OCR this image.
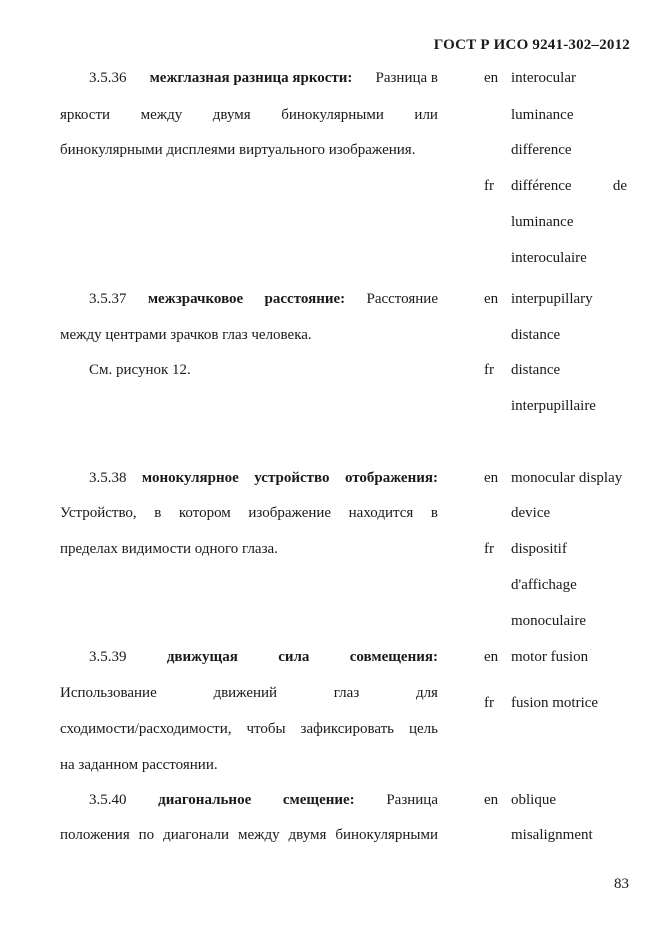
ГОСТ Р ИСО 9241-302–2012
3.5.36 межглазная разница яркости: Разница в
яркости между двумя бинокулярными или
бинокулярными дисплеями виртуального изображения.
en interocular
luminance
difference
fr	différence	de
luminance
interoculaire
3.5.37 межзрачковое расстояние: Расстояние
между центрами зрачков глаз человека.
См. рисунок 12.
en interpupillary
distance
fr	distance
interpupillaire
3.5.38 монокулярное устройство отображения:
Устройство, в котором изображение находится в
пределах видимости одного глаза.
en monocular display
device
fr	dispositif
d'affichage
monoculaire
3.5.39	движущая	сила	совмещения:
Использование	движений	глаз	для
сходимости/расходимости, чтобы зафиксировать цель
на заданном расстоянии.
en motor fusion
fr	fusion motrice
3.5.40 диагональное смещение: Разница
положения по диагонали между двумя бинокулярными
en oblique
misalignment
83
